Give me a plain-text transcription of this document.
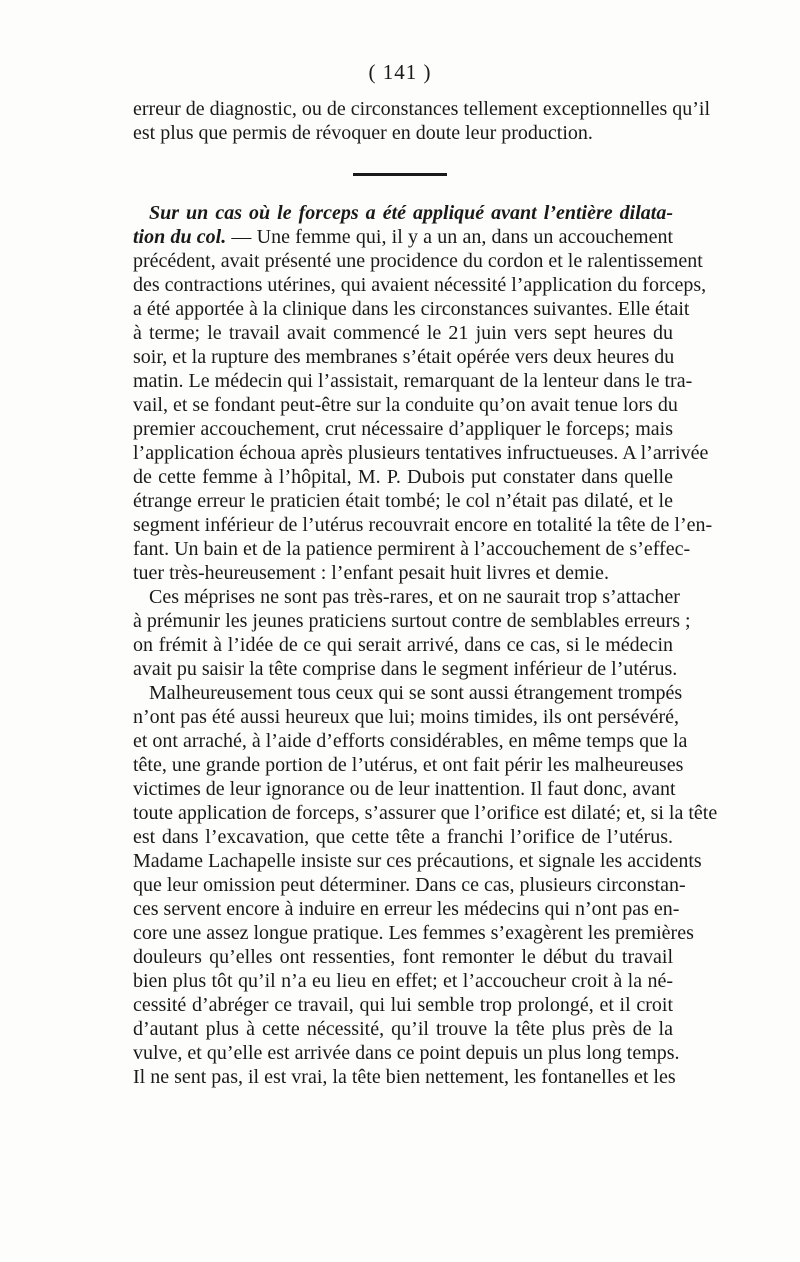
( 141 )
erreur de diagnostic, ou de circonstances tellement exceptionnelles qu’il
est plus que permis de révoquer en doute leur production.
Sur un cas où le forceps a été appliqué avant l’entière dilata-
tion du col. — Une femme qui, il y a un an, dans un accouchement
précédent, avait présenté une procidence du cordon et le ralentissement
des contractions utérines, qui avaient nécessité l’application du forceps,
a été apportée à la clinique dans les circonstances suivantes. Elle était
à terme; le travail avait commencé le 21 juin vers sept heures du
soir, et la rupture des membranes s’était opérée vers deux heures du
matin. Le médecin qui l’assistait, remarquant de la lenteur dans le tra-
vail, et se fondant peut-être sur la conduite qu’on avait tenue lors du
premier accouchement, crut nécessaire d’appliquer le forceps; mais
l’application échoua après plusieurs tentatives infructueuses. A l’arrivée
de cette femme à l’hôpital, M. P. Dubois put constater dans quelle
étrange erreur le praticien était tombé; le col n’était pas dilaté, et le
segment inférieur de l’utérus recouvrait encore en totalité la tête de l’en-
fant. Un bain et de la patience permirent à l’accouchement de s’effec-
tuer très-heureusement : l’enfant pesait huit livres et demie.
Ces méprises ne sont pas très-rares, et on ne saurait trop s’attacher
à prémunir les jeunes praticiens surtout contre de semblables erreurs ;
on frémit à l’idée de ce qui serait arrivé, dans ce cas, si le médecin
avait pu saisir la tête comprise dans le segment inférieur de l’utérus.
Malheureusement tous ceux qui se sont aussi étrangement trompés
n’ont pas été aussi heureux que lui; moins timides, ils ont persévéré,
et ont arraché, à l’aide d’efforts considérables, en même temps que la
tête, une grande portion de l’utérus, et ont fait périr les malheureuses
victimes de leur ignorance ou de leur inattention. Il faut donc, avant
toute application de forceps, s’assurer que l’orifice est dilaté; et, si la tête
est dans l’excavation, que cette tête a franchi l’orifice de l’utérus.
Madame Lachapelle insiste sur ces précautions, et signale les accidents
que leur omission peut déterminer. Dans ce cas, plusieurs circonstan-
ces servent encore à induire en erreur les médecins qui n’ont pas en-
core une assez longue pratique. Les femmes s’exagèrent les premières
douleurs qu’elles ont ressenties, font remonter le début du travail
bien plus tôt qu’il n’a eu lieu en effet; et l’accoucheur croit à la né-
cessité d’abréger ce travail, qui lui semble trop prolongé, et il croit
d’autant plus à cette nécessité, qu’il trouve la tête plus près de la
vulve, et qu’elle est arrivée dans ce point depuis un plus long temps.
Il ne sent pas, il est vrai, la tête bien nettement, les fontanelles et les
